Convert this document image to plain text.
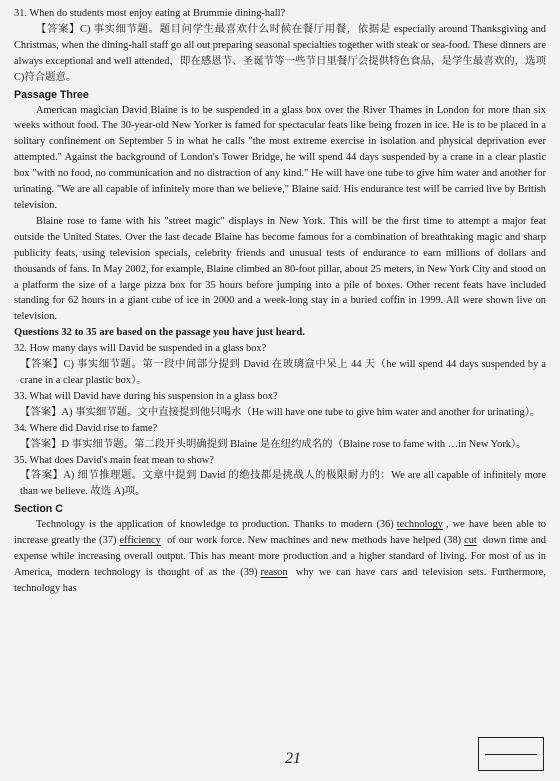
31. When do students most enjoy eating at Brummie dining-hall?

【答案】C) 事实细节题。题目问学生最喜欢什么时候在餐厅用餐，依据是 especially around Thanksgiving and Christmas, when the dining-hall staff go all out preparing seasonal specialties together with steak or sea-food. These dinners are always exceptional and well attended，即在感恩节、圣诞节等一些节日里餐厅会提供特色食品，是学生最喜欢的，选项 C)符合题意。

Passage Three

American magician David Blaine is to be suspended in a glass box over the River Thames in London for more than six weeks without food. The 30-year-old New Yorker is famed for spectacular feats like being frozen in ice. He is to be placed in a solitary confinement on September 5 in what he calls "the most extreme exercise in isolation and physical deprivation ever attempted." Against the background of London's Tower Bridge, he will spend 44 days suspended by a crane in a clear plastic box "with no food, no communication and no distraction of any kind." He will have one tube to give him water and another for urinating. "We are all capable of infinitely more than we believe," Blaine said. His endurance test will be carried live by British television.

Blaine rose to fame with his "street magic" displays in New York. This will be the first time to attempt a major feat outside the United States. Over the last decade Blaine has become famous for a combination of breathtaking magic and sharp publicity feats, using television specials, celebrity friends and unusual tests of endurance to earn millions of dollars and thousands of fans. In May 2002, for example, Blaine climbed an 80-foot pillar, about 25 meters, in New York City and stood on a platform the size of a large pizza box for 35 hours before jumping into a pile of boxes. Other recent feats have included standing for 62 hours in a giant cube of ice in 2000 and a week-long stay in a buried coffin in 1999. All were shown live on television.

Questions 32 to 35 are based on the passage you have just heard.

32. How many days will David be suspended in a glass box?

【答案】C) 事实细节题。第一段中间部分提到 David 在玻璃盒中呆上 44 天（he will spend 44 days suspended by a crane in a clear plastic box）。

33. What will David have during his suspension in a glass box?

【答案】A) 事实细节题。文中直接提到他只喝水（He will have one tube to give him water and another for urinating）。

34. Where did David rise to fame?

【答案】D 事实细节题。第二段开头明确提到 Blaine 是在纽约成名的（Blaine rose to fame with …in New York）。

35. What does David's main feat mean to show?

【答案】A) 细节推理题。文章中提到 David 的绝技都是挑战人的极限耐力的：We are all capable of infinitely more than we believe. 故选 A)项。

Section C

Technology is the application of knowledge to production. Thanks to modern (36) technology , we have been able to increase greatly the (37) efficiency of our work force. New machines and new methods have helped (38) cut down time and expense while increasing overall output. This has meant more production and a higher standard of living. For most of us in America, modern technology is thought of as the (39) reason why we can have cars and television sets. Furthermore, technology has

21
